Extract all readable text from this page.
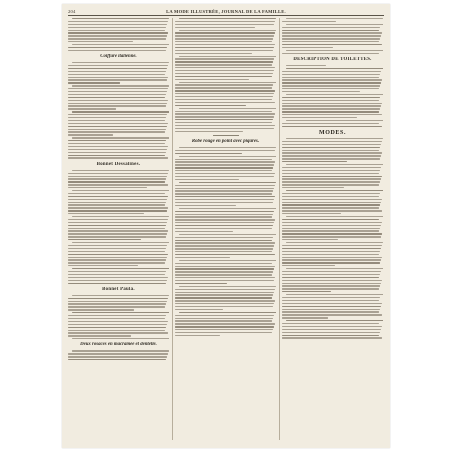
204	LA MODE ILLUSTRÉE, JOURNAL DE LA FAMILLE.
Coiffure italienne.
Bonnet Dessalines.
Bonnet Paula.
Deux rosaces en macramée et dentelle.
Robe rouge en point avec piqûres.
DESCRIPTION DE TOILETTES.
MODES.
